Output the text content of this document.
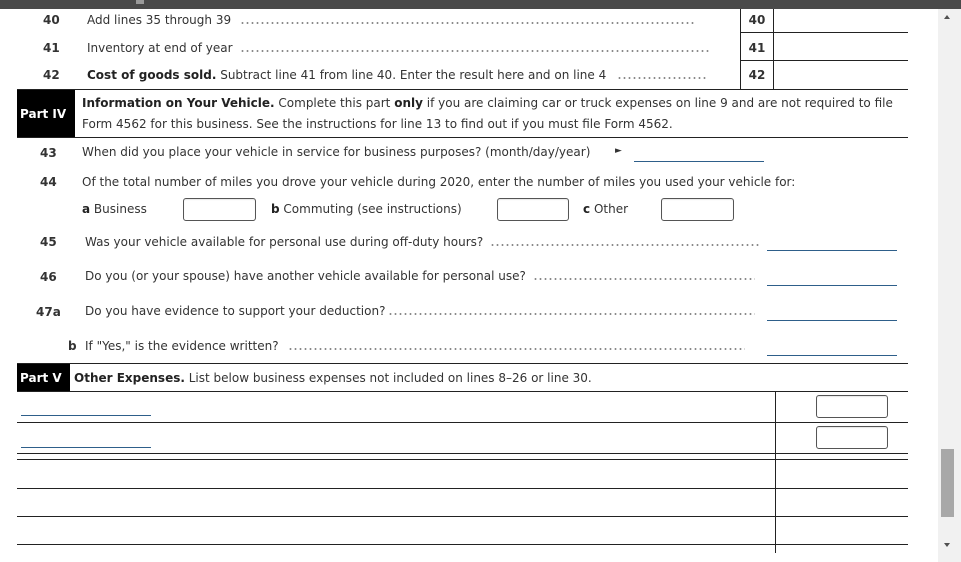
40 Add lines 35 through 39	40
41 Inventory at end of year	41
42 Cost of goods sold. Subtract line 41 from line 40. Enter the result here and on line 4	42
Part IV
Information on Your Vehicle. Complete this part only if you are claiming car or truck expenses on line 9 and are not required to file
Form 4562 for this business. See the instructions for line 13 to find out if you must file Form 4562.
43 When did you place your vehicle in service for business purposes? (month/day/year)	►
44 Of the total number of miles you drove your vehicle during 2020, enter the number of miles you used your vehicle for:
a Business	b Commuting (see instructions)	c Other
45 Was your vehicle available for personal use during off-duty hours?
46 Do you (or your spouse) have another vehicle available for personal use?
47a Do you have evidence to support your deduction?
b If "Yes," is the evidence written?
Part V	Other Expenses. List below business expenses not included on lines 8–26 or line 30.
